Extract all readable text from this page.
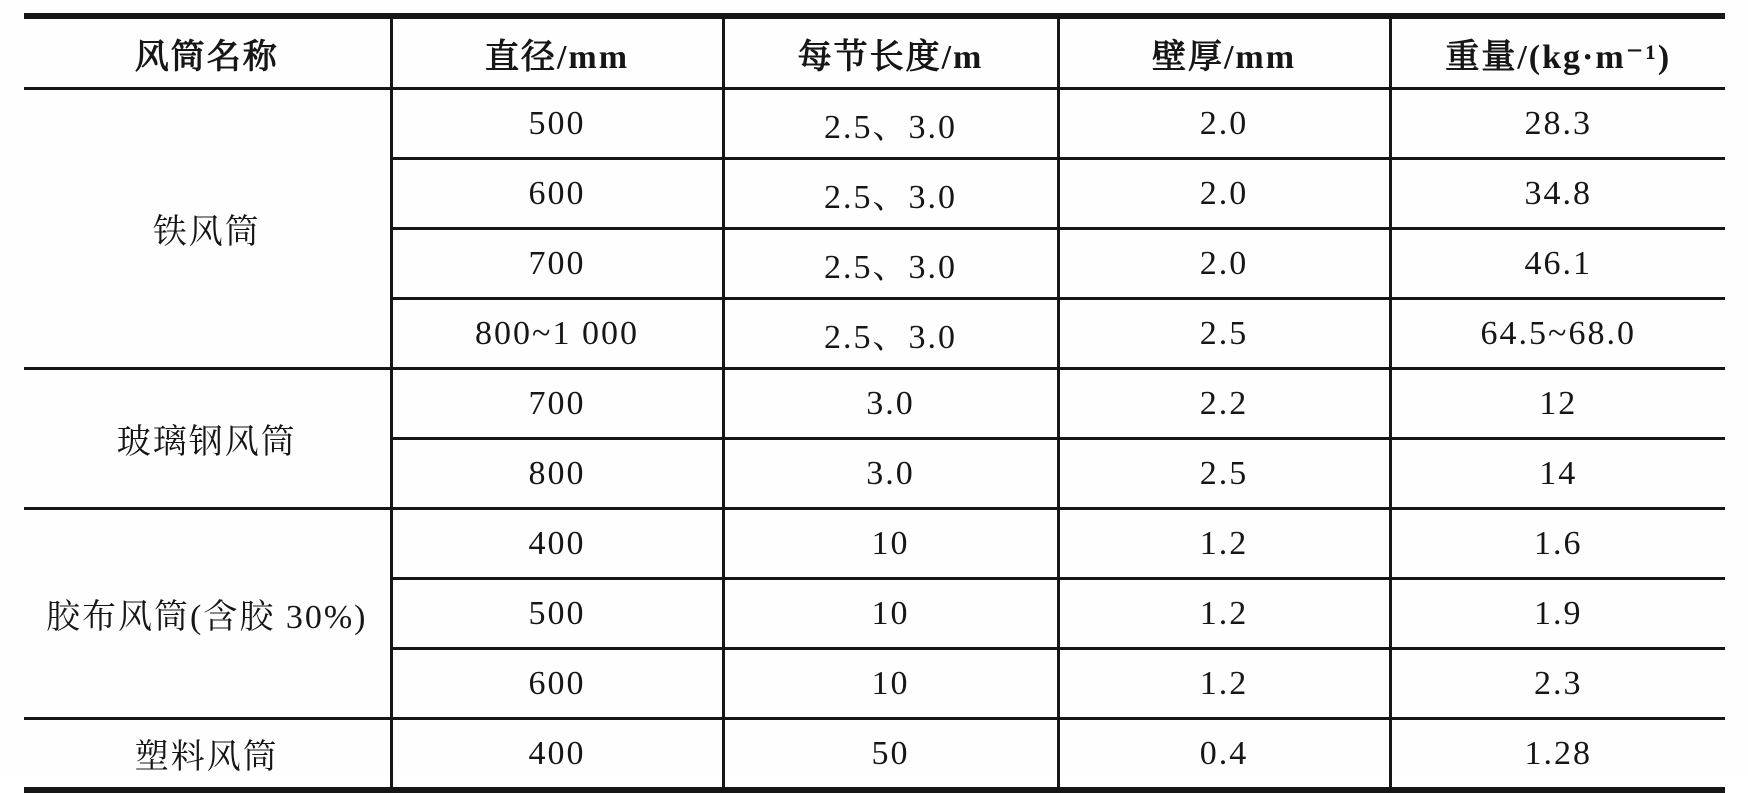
风筒名称	直径/mm	每节长度/m	壁厚/mm	重量/(kg·m⁻¹)
铁风筒	500	2.5、3.0	2.0	28.3
	600	2.5、3.0	2.0	34.8
	700	2.5、3.0	2.0	46.1
	800~1 000	2.5、3.0	2.5	64.5~68.0
玻璃钢风筒	700	3.0	2.2	12
	800	3.0	2.5	14
胶布风筒(含胶 30%)	400	10	1.2	1.6
	500	10	1.2	1.9
	600	10	1.2	2.3
塑料风筒	400	50	0.4	1.28
